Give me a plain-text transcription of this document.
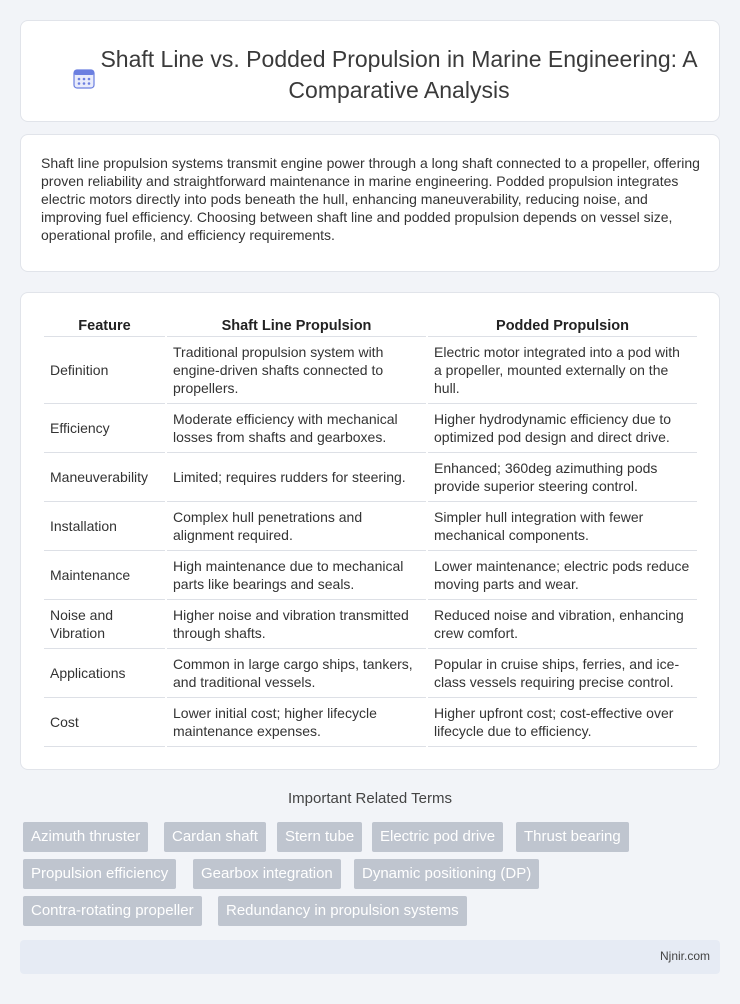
Shaft Line vs. Podded Propulsion in Marine Engineering: A Comparative Analysis

Shaft line propulsion systems transmit engine power through a long shaft connected to a propeller, offering proven reliability and straightforward maintenance in marine engineering. Podded propulsion integrates electric motors directly into pods beneath the hull, enhancing maneuverability, reducing noise, and improving fuel efficiency. Choosing between shaft line and podded propulsion depends on vessel size, operational profile, and efficiency requirements.

Feature	Shaft Line Propulsion	Podded Propulsion
Definition	Traditional propulsion system with engine-driven shafts connected to propellers.	Electric motor integrated into a pod with a propeller, mounted externally on the hull.
Efficiency	Moderate efficiency with mechanical losses from shafts and gearboxes.	Higher hydrodynamic efficiency due to optimized pod design and direct drive.
Maneuverability	Limited; requires rudders for steering.	Enhanced; 360deg azimuthing pods provide superior steering control.
Installation	Complex hull penetrations and alignment required.	Simpler hull integration with fewer mechanical components.
Maintenance	High maintenance due to mechanical parts like bearings and seals.	Lower maintenance; electric pods reduce moving parts and wear.
Noise and Vibration	Higher noise and vibration transmitted through shafts.	Reduced noise and vibration, enhancing crew comfort.
Applications	Common in large cargo ships, tankers, and traditional vessels.	Popular in cruise ships, ferries, and ice-class vessels requiring precise control.
Cost	Lower initial cost; higher lifecycle maintenance expenses.	Higher upfront cost; cost-effective over lifecycle due to efficiency.
Important Related Terms
Azimuth thruster	Cardan shaft	Stern tube	Electric pod drive	Thrust bearing
Propulsion efficiency	Gearbox integration	Dynamic positioning (DP)
Contra-rotating propeller	Redundancy in propulsion systems
Njnir.com
